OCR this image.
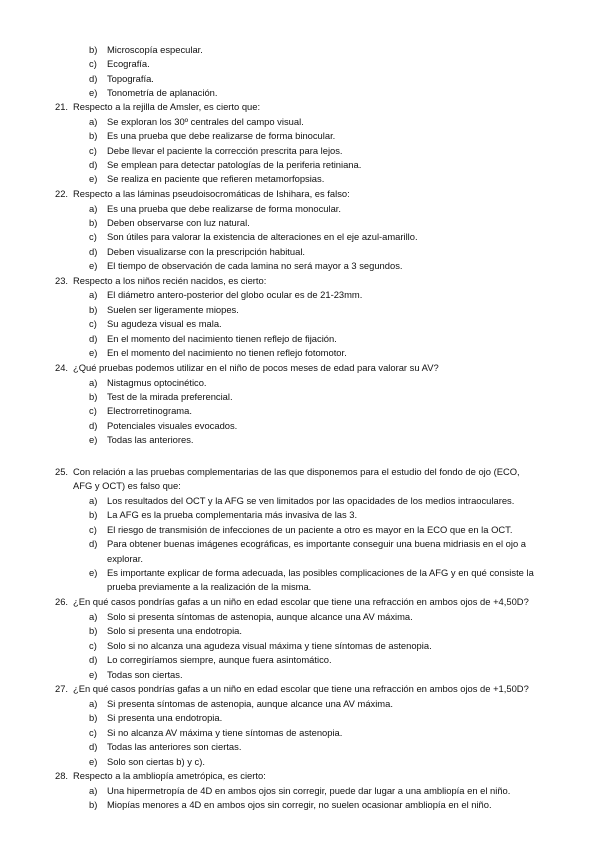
b) Microscopía especular.
c) Ecografía.
d) Topografía.
e) Tonometría de aplanación.
21. Respecto a la rejilla de Amsler, es cierto que:
a) Se exploran los 30º centrales del campo visual.
b) Es una prueba que debe realizarse de forma binocular.
c) Debe llevar el paciente la corrección prescrita para lejos.
d) Se emplean para detectar patologías de la periferia retiniana.
e) Se realiza en paciente que refieren metamorfopsias.
22. Respecto a las láminas pseudoisocromáticas de Ishihara, es falso:
a) Es una prueba que debe realizarse de forma monocular.
b) Deben observarse con luz natural.
c) Son útiles para valorar la existencia de alteraciones en el eje azul-amarillo.
d) Deben visualizarse con la prescripción habitual.
e) El tiempo de observación de cada lamina no será mayor a 3 segundos.
23. Respecto a los niños recién nacidos, es cierto:
a) El diámetro antero-posterior del globo ocular es de 21-23mm.
b) Suelen ser ligeramente miopes.
c) Su agudeza visual es mala.
d) En el momento del nacimiento tienen reflejo de fijación.
e) En el momento del nacimiento no tienen reflejo fotomotor.
24. ¿Qué pruebas podemos utilizar en el niño de pocos meses de edad para valorar su AV?
a) Nistagmus optocinético.
b) Test de la mirada preferencial.
c) Electrorretinograma.
d) Potenciales visuales evocados.
e) Todas las anteriores.
25. Con relación a las pruebas complementarias de las que disponemos para el estudio del fondo de ojo (ECO,
AFG y OCT) es falso que:
a) Los resultados del OCT y la AFG se ven limitados por las opacidades de los medios intraoculares.
b) La AFG es la prueba complementaria más invasiva de las 3.
c) El riesgo de transmisión de infecciones de un paciente a otro es mayor en la ECO que en la OCT.
d) Para obtener buenas imágenes ecográficas, es importante conseguir una buena midriasis en el ojo a
explorar.
e) Es importante explicar de forma adecuada, las posibles complicaciones de la AFG y en qué consiste la
prueba previamente a la realización de la misma.
26. ¿En qué casos pondrías gafas a un niño en edad escolar que tiene una refracción en ambos ojos de +4,50D?
a) Solo si presenta síntomas de astenopia, aunque alcance una AV máxima.
b) Solo si presenta una endotropia.
c) Solo si no alcanza una agudeza visual máxima y tiene síntomas de astenopia.
d) Lo corregiríamos siempre, aunque fuera asintomático.
e) Todas son ciertas.
27. ¿En qué casos pondrías gafas a un niño en edad escolar que tiene una refracción en ambos ojos de +1,50D?
a) Si presenta síntomas de astenopia, aunque alcance una AV máxima.
b) Si presenta una endotropia.
c) Si no alcanza AV máxima y tiene síntomas de astenopia.
d) Todas las anteriores son ciertas.
e) Solo son ciertas b) y c).
28. Respecto a la ambliopía ametrópica, es cierto:
a) Una hipermetropía de 4D en ambos ojos sin corregir, puede dar lugar a una ambliopía en el niño.
b) Miopías menores a 4D en ambos ojos sin corregir, no suelen ocasionar ambliopía en el niño.
